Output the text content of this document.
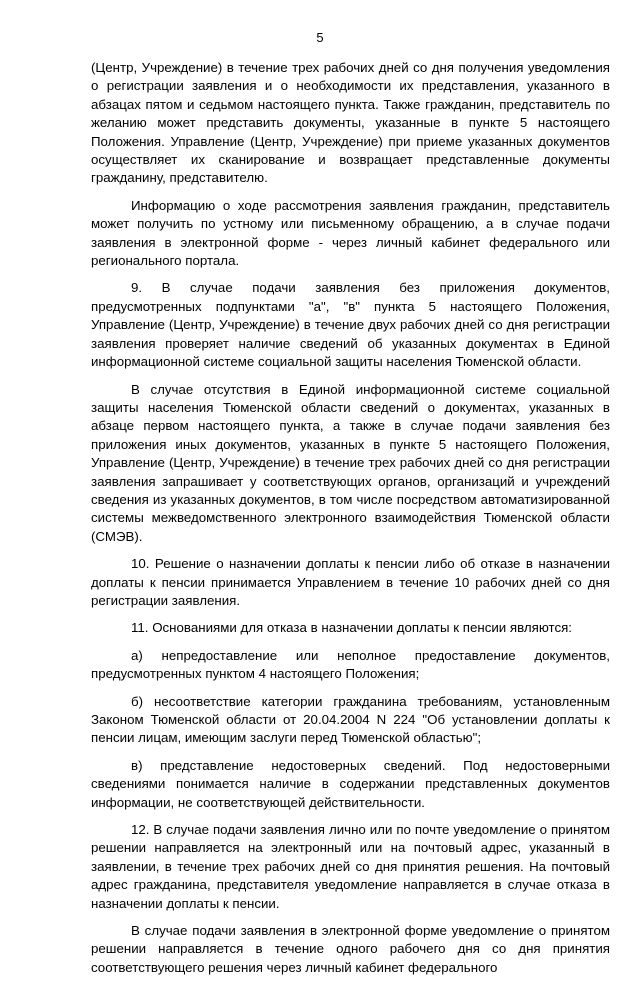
5

(Центр, Учреждение) в течение трех рабочих дней со дня получения уведомления о регистрации заявления и о необходимости их представления, указанного в абзацах пятом и седьмом настоящего пункта. Также гражданин, представитель по желанию может представить документы, указанные в пункте 5 настоящего Положения. Управление (Центр, Учреждение) при приеме указанных документов осуществляет их сканирование и возвращает представленные документы гражданину, представителю.

Информацию о ходе рассмотрения заявления гражданин, представитель может получить по устному или письменному обращению, а в случае подачи заявления в электронной форме - через личный кабинет федерального или регионального портала.

9. В случае подачи заявления без приложения документов, предусмотренных подпунктами "а", "в" пункта 5 настоящего Положения, Управление (Центр, Учреждение) в течение двух рабочих дней со дня регистрации заявления проверяет наличие сведений об указанных документах в Единой информационной системе социальной защиты населения Тюменской области.

В случае отсутствия в Единой информационной системе социальной защиты населения Тюменской области сведений о документах, указанных в абзаце первом настоящего пункта, а также в случае подачи заявления без приложения иных документов, указанных в пункте 5 настоящего Положения, Управление (Центр, Учреждение) в течение трех рабочих дней со дня регистрации заявления запрашивает у соответствующих органов, организаций и учреждений сведения из указанных документов, в том числе посредством автоматизированной системы межведомственного электронного взаимодействия Тюменской области (СМЭВ).

10. Решение о назначении доплаты к пенсии либо об отказе в назначении доплаты к пенсии принимается Управлением в течение 10 рабочих дней со дня регистрации заявления.

11. Основаниями для отказа в назначении доплаты к пенсии являются:

а) непредоставление или неполное предоставление документов, предусмотренных пунктом 4 настоящего Положения;

б) несоответствие категории гражданина требованиям, установленным Законом Тюменской области от 20.04.2004 N 224 "Об установлении доплаты к пенсии лицам, имеющим заслуги перед Тюменской областью";

в) представление недостоверных сведений. Под недостоверными сведениями понимается наличие в содержании представленных документов информации, не соответствующей действительности.

12. В случае подачи заявления лично или по почте уведомление о принятом решении направляется на электронный или на почтовый адрес, указанный в заявлении, в течение трех рабочих дней со дня принятия решения. На почтовый адрес гражданина, представителя уведомление направляется в случае отказа в назначении доплаты к пенсии.

В случае подачи заявления в электронной форме уведомление о принятом решении направляется в течение одного рабочего дня со дня принятия соответствующего решения через личный кабинет федерального
